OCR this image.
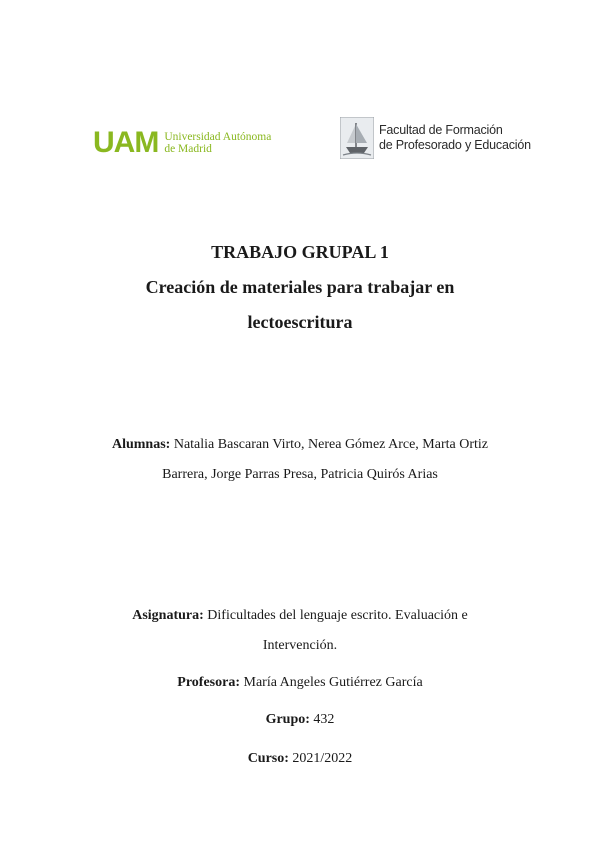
UAM Universidad Autónoma
de Madrid
Facultad de Formación
de Profesorado y Educación
TRABAJO GRUPAL 1
Creación de materiales para trabajar en
lectoescritura
Alumnas: Natalia Bascaran Virto, Nerea Gómez Arce, Marta Ortiz
Barrera, Jorge Parras Presa, Patricia Quirós Arias
Asignatura: Dificultades del lenguaje escrito. Evaluación e
Intervención.
Profesora: María Angeles Gutiérrez García
Grupo: 432
Curso: 2021/2022
